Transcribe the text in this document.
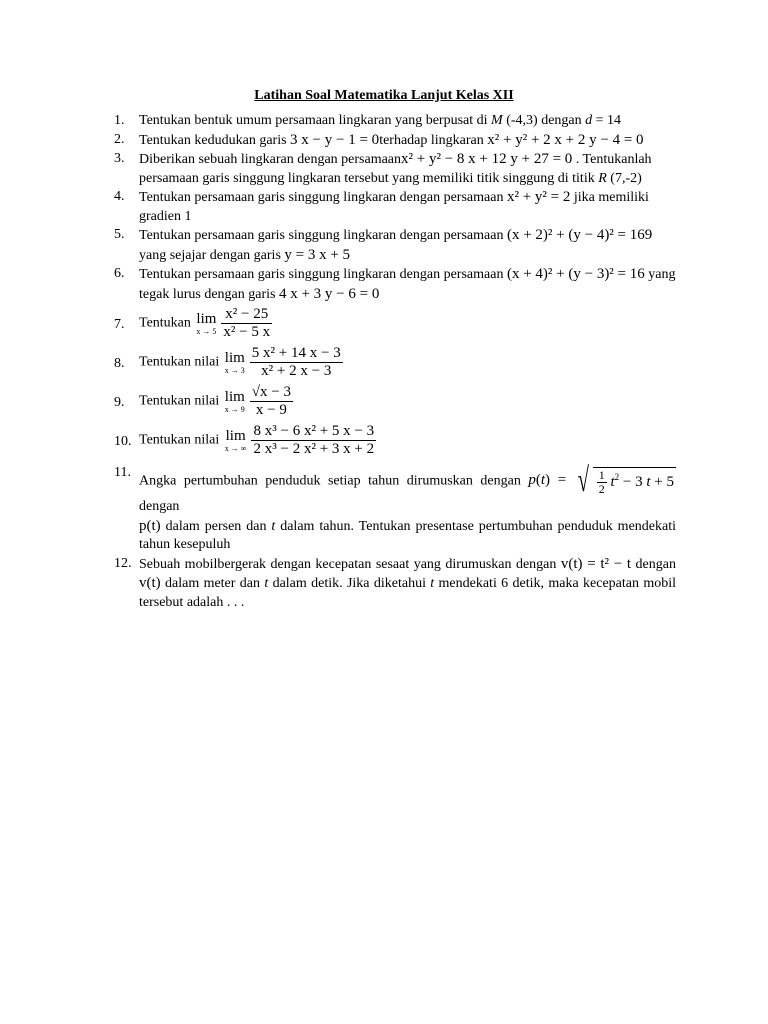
Latihan Soal Matematika Lanjut Kelas XII
1.	Tentukan bentuk umum persamaan lingkaran yang berpusat di M (-4,3) dengan d = 14
2.	Tentukan kedudukan garis 3 x − y − 1 = 0terhadap lingkaran x² + y² + 2 x + 2 y − 4 = 0
3.	Diberikan sebuah lingkaran dengan persamaanx² + y² − 8 x + 12 y + 27 = 0 . Tentukanlah persamaan garis singgung lingkaran tersebut yang memiliki titik singgung di titik R (7,-2)
4.	Tentukan persamaan garis singgung lingkaran dengan persamaan x² + y² = 2 jika memiliki gradien 1
5.	Tentukan persamaan garis singgung lingkaran dengan persamaan (x + 2)² + (y − 4)² = 169
yang sejajar dengan garis y = 3 x + 5
6.	Tentukan persamaan garis singgung lingkaran dengan persamaan (x + 4)² + (y − 3)² = 16 yang tegak lurus dengan garis 4 x + 3 y − 6 = 0
7.	Tentukan lim
$x \to 5 \frac{\text{x² − 25}}{\text{x² − 5 x}}$
8.	Tentukan nilai lim
$x \to 3 \frac{\text{5 x² + 14 x − 3}}{\text{x² + 2 x − 3}}$
9.	Tentukan nilai lim
$x \to 9 \frac{√x - 3}{x - 9}$
10. Tentukan nilai lim
x → ∞ $\frac{\text{8 x³ − 6 x² + 5 x − 3}}{\text{2 x³ − 2 x² + 3 x + 2}}$
11.
Angka pertumbuhan penduduk setiap tahun dirumuskan dengan p(t) = √ $\frac{1}{2} t^2 - 3$ t + 5 dengan
p(t) dalam persen dan t dalam tahun. Tentukan presentase pertumbuhan penduduk mendekati tahun kesepuluh
12. Sebuah mobilbergerak dengan kecepatan sesaat yang dirumuskan dengan v(t) = t² − t dengan v(t) dalam meter dan t dalam detik. Jika diketahui t mendekati 6 detik, maka kecepatan mobil tersebut adalah . . .
